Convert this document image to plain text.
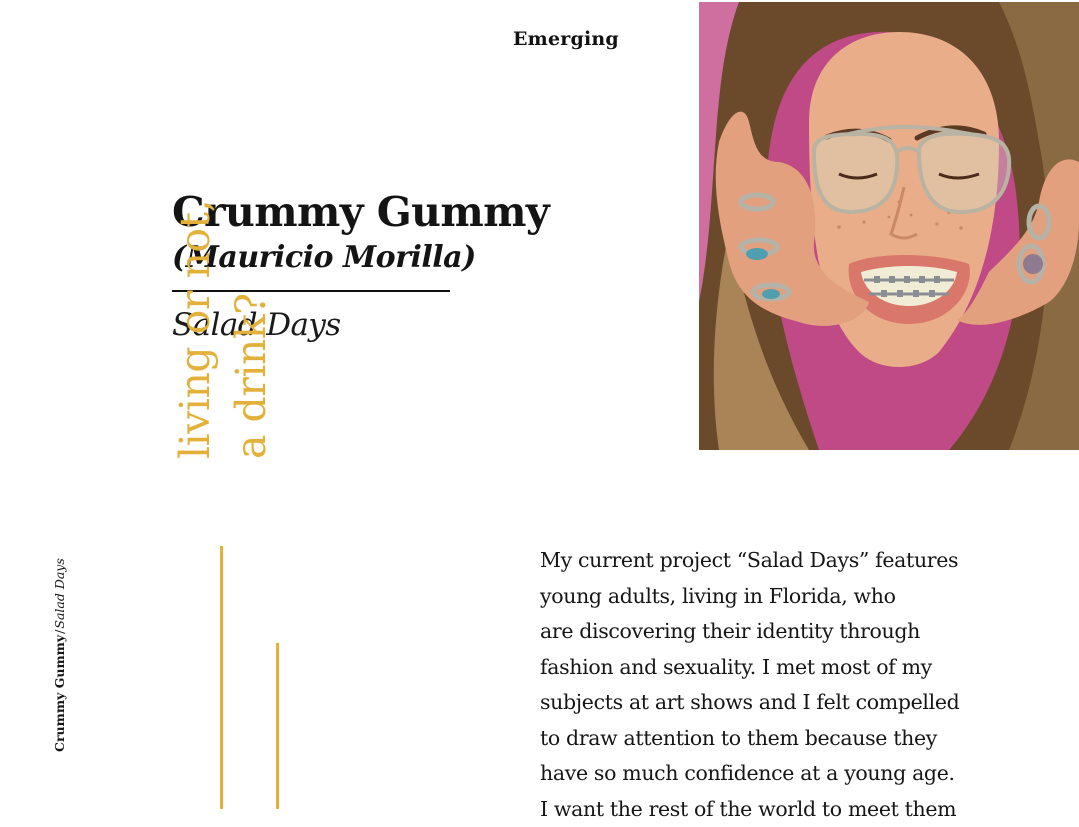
Emerging
Crummy Gummy
(Mauricio Morilla)
Salad Days
Crummy Gummy/Salad Days
living or not, a drink?
My current project “Salad Days” features
young adults, living in Florida, who
are discovering their identity through
fashion and sexuality. I met most of my
subjects at art shows and I felt compelled
to draw attention to them because they
have so much confidence at a young age.
I want the rest of the world to meet them
